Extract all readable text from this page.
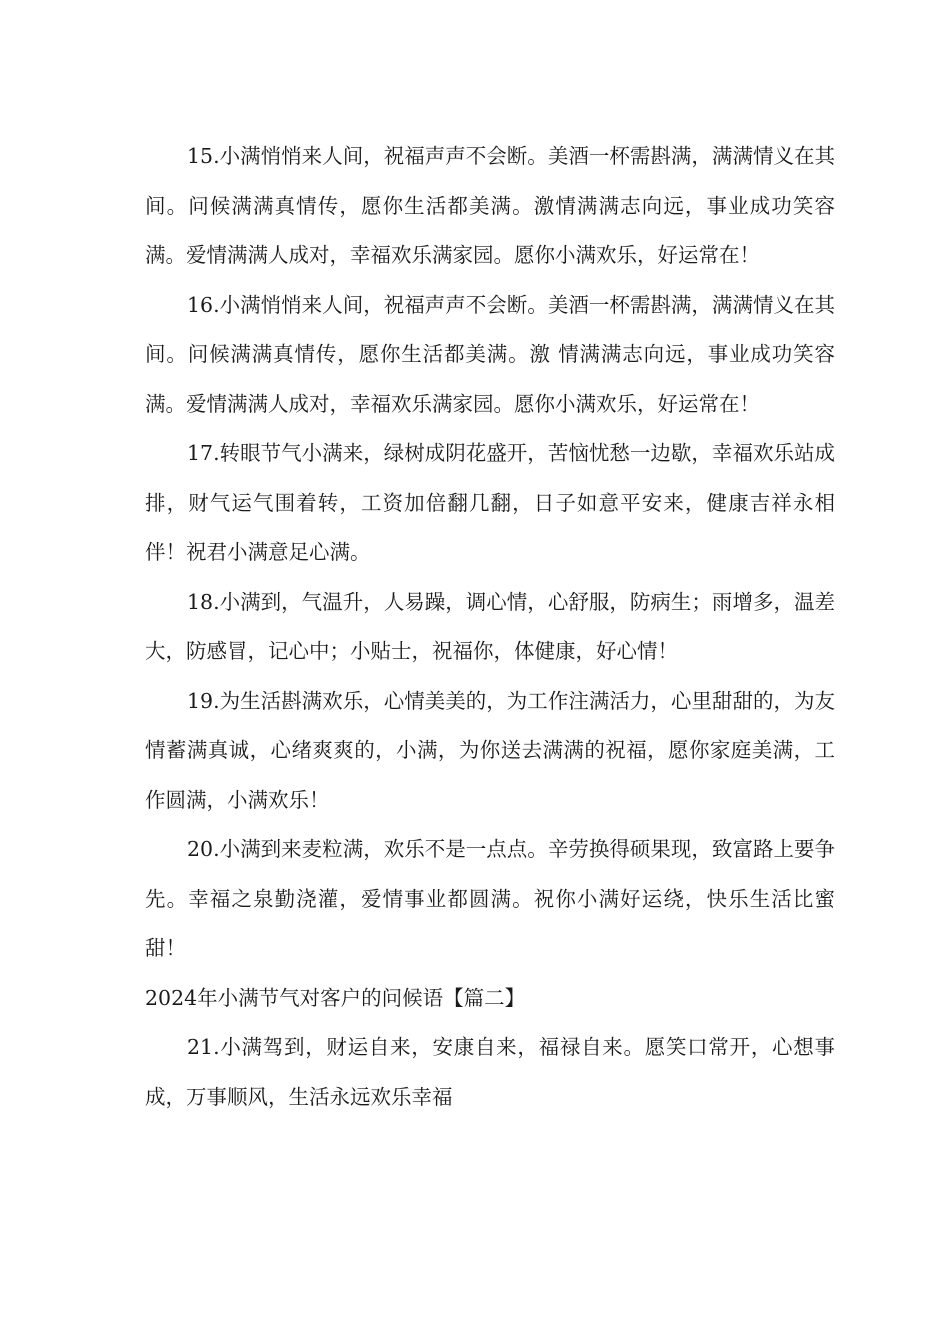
15.小满悄悄来人间，祝福声声不会断。美酒一杯需斟满，满满情义在其间。问候满满真情传，愿你生活都美满。激情满满志向远，事业成功笑容满。爱情满满人成对，幸福欢乐满家园。愿你小满欢乐，好运常在！

16.小满悄悄来人间，祝福声声不会断。美酒一杯需斟满，满满情义在其间。问候满满真情传，愿你生活都美满。激 情满满志向远，事业成功笑容满。爱情满满人成对，幸福欢乐满家园。愿你小满欢乐，好运常在！

17.转眼节气小满来，绿树成阴花盛开，苦恼忧愁一边歇，幸福欢乐站成排，财气运气围着转，工资加倍翻几翻，日子如意平安来，健康吉祥永相伴！祝君小满意足心满。

18.小满到，气温升，人易躁，调心情，心舒服，防病生；雨增多，温差大，防感冒，记心中；小贴士，祝福你，体健康，好心情！

19.为生活斟满欢乐，心情美美的，为工作注满活力，心里甜甜的，为友情蓄满真诚，心绪爽爽的，小满，为你送去满满的祝福，愿你家庭美满，工作圆满，小满欢乐！

20.小满到来麦粒满，欢乐不是一点点。辛劳换得硕果现，致富路上要争先。幸福之泉勤浇灌，爱情事业都圆满。祝你小满好运绕，快乐生活比蜜甜！

2024年小满节气对客户的问候语【篇二】

21.小满驾到，财运自来，安康自来，福禄自来。愿笑口常开，心想事成，万事顺风，生活永远欢乐幸福
